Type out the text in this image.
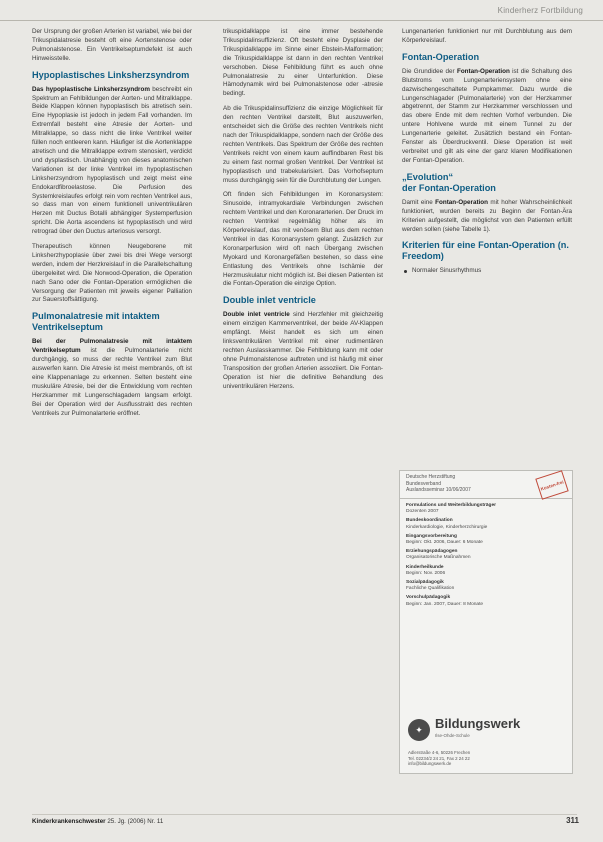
Kinderherz Fortbildung

Der Ursprung der großen Arterien ist variabel, wie bei der Trikuspidalatresie besteht oft eine Aortenstenose oder Pulmonalstenose. Ein Ventrikelseptumdefekt ist auch Hinweisstelle.

Hypoplastisches Linksherzsyndrom

Das hypoplastische Linksherzsyndrom beschreibt ein Spektrum an Fehlbildungen der Aorten- und Mitralklappe. Beide Klappen können hypoplastisch bis atretisch sein. Eine Hypoplasie ist jedoch in jedem Fall vorhanden. Im Extremfall besteht eine Atresie der Aorten- und Mitralklappe, so dass nicht die linke Ventrikel weiter füllen noch entleeren kann. Häufiger ist die Aortenklappe atretisch und die Mitralklappe extrem stenosiert, verdickt und dysplastisch. Unabhängig von dieses anatomischen Variationen ist der linke Ventrikel im hypoplastischen Linksherzsyndrom hypoplastisch und zeigt meist eine Endokardfibroelastose. Die Perfusion des Systemkreislaufes erfolgt rein vom rechten Ventrikel aus, so dass man von einem funktionell univentrikulären Herzen mit Ductus Botalli abhängiger Systemperfusion spricht. Die Aorta ascendens ist hypoplastisch und wird retrograd über den Ductus arteriosus versorgt.

Therapeutisch können Neugeborene mit Linksherzhypoplasie über zwei bis drei Wege versorgt werden, indem der Herzkreislauf in die Parallelschaltung übergeleitet wird. Die Norwood-Operation, die Operation nach Sano oder die Fontan-Operation ermöglichen die Versorgung der Patienten mit jeweils eigener Palliation zur Sauerstoffsättigung.

Pulmonalatresie mit intaktem Ventrikelseptum

Bei der Pulmonalatresie mit intaktem Ventrikelseptum ist die Pulmonalarterie nicht durchgängig, so muss der rechte Ventrikel zum Blut auswerfen kann. Die Atresie ist meist membranös, oft ist eine Klappenanlage zu erkennen. Selten besteht eine muskuläre Atresie, bei der die Entwicklung vom rechten Herzkammer mit Lungenschlagadern langsam erfolgt. Bei der Operation wird der Ausflusstrakt des rechten Ventrikels zur Pulmonalarterie eröffnet.

trikuspidalklappe ist eine immer bestehende Trikuspidalinsuffizienz. Oft besteht eine Dysplasie der Trikuspidalklappe im Sinne einer Ebstein-Malformation; die Trikuspidalklappe ist dann in den rechten Ventrikel verschoben. Diese Fehlbildung führt es auch ohne Pulmonalatresie zu einer Unterfunktion. Diese Hämodynamik wird bei Pulmonalstenose oder -atresie bedingt.

Ab die Trikuspidalinsuffizienz die einzige Möglichkeit für den rechten Ventrikel darstellt, Blut auszuwerfen, entscheidet sich die Größe des rechten Ventrikels nicht nach der Trikuspidalklappe, sondern nach der Größe des rechten Ventrikels. Das Spektrum der Größe des rechten Ventrikels reicht von einem kaum auffindbaren Rest bis zu einem fast normal großen Ventrikel. Der Ventrikel ist hypoplastisch und trabekularisiert. Das Vorhofseptum muss durchgängig sein für die Durchblutung der Lungen.

Oft finden sich Fehlbildungen im Koronarsystem: Sinusoide, intramyokardiale Verbindungen zwischen rechtem Ventrikel und den Koronararterien. Der Druck im rechten Ventrikel regelmäßig höher als im Körperkreislauf, das mit venösem Blut aus dem rechten Ventrikel in das Koronarsystem gelangt. Zusätzlich zur Koronarperfusion wird oft nach Übergang zwischen Myokard und Koronargefäßen bestehen, so dass eine Entlastung des Ventrikels ohne Ischämie der Herzmuskulatur nicht möglich ist. Bei diesen Patienten ist die Fontan-Operation die einzige Option.

Double inlet ventricle

Double inlet ventricle sind Herzfehler mit gleichzeitig einem einzigen Kammerventrikel, der beide AV-Klappen empfängt. Meist handelt es sich um einen linksventrikulären Ventrikel mit einer rudimentären rechten Auslasskammer. Die Fehlbildung kann mit oder ohne Pulmonalstenose auftreten und ist häufig mit einer Transposition der großen Arterien assoziiert. Die Fontan-Operation ist hier die definitive Behandlung des univentrikulären Herzens.

Lungenarterien funktioniert nur mit Durchblutung aus dem Körperkreislauf.

Fontan-Operation

Die Grundidee der Fontan-Operation ist die Schaltung des Blutstroms vom Lungenarteriensystem ohne eine dazwischengeschaltete Pumpkammer. Dazu wurde die Lungenschlagader (Pulmonalarterie) von der Herzkammer abgetrennt, der Stamm zur Herzkammer verschlossen und das obere Ende mit dem rechten Vorhof verbunden. Die untere Hohlvene wurde mit einem Tunnel zu der Lungenarterie geleitet. Zusätzlich bestand ein Fontan-Fenster als Überdruckventil. Diese Operation ist weit verbreitet und gilt als eine der ganz klaren Modifikationen der Fontan-Operation.

„Evolution“
der Fontan-Operation

Damit eine Fontan-Operation mit hoher Wahrscheinlichkeit funktioniert, wurden bereits zu Beginn der Fontan-Ära Kriterien aufgestellt, die möglichst von den Patienten erfüllt werden sollen (siehe Tabelle 1).

Kriterien für eine Fontan-Operation (n. Freedom)
Normaler Sinusrhythmus
Deutsche Herzstiftung
Bundesverband
Auslandsseminar 10/06/2007	Kosten-frei
Formulations und Weiterbildungsträger
Dozenten 2007
Bundeskoordination
Kinderkardiologie, Kinderherzchirurgie
Eingangsvorbereitung
Beginn: Okt. 2006, Dauer: 6 Monate
Erziehungspädagogen
Organisatorische Maßnahmen
Kinderheilkunde
Beginn: Nov. 2006
Sozialpädagogik
Fachliche Qualifikation
Vorschulpädagogik
Beginn: Jan. 2007, Dauer: 8 Monate
✦ Bildungswerk
Ilse-Ohde-Schule
Adlerstraße 4-6, 50226 Frechen
Tel. 02234/2 24 21, Fax 2 24 22
info@bildungswerk.de
Kinderkrankenschwester 25. Jg. (2006) Nr. 11	311
